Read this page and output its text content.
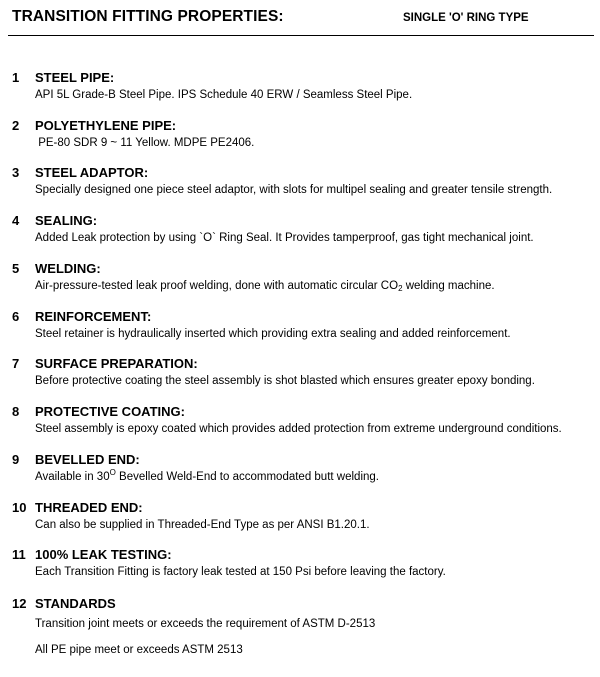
TRANSITION FITTING PROPERTIES:	SINGLE 'O' RING TYPE
1 STEEL PIPE:
API 5L Grade-B Steel Pipe. IPS Schedule 40 ERW / Seamless Steel Pipe.
2 POLYETHYLENE PIPE:
PE-80 SDR 9 ~ 11 Yellow. MDPE PE2406.
3 STEEL ADAPTOR:
Specially designed one piece steel adaptor, with slots for multipel sealing and greater tensile strength.
4 SEALING:
Added Leak protection by using `O` Ring Seal. It Provides tamperproof, gas tight mechanical joint.
5 WELDING:
Air-pressure-tested leak proof welding, done with automatic circular $CO_2$ welding machine.
6 REINFORCEMENT:
Steel retainer is hydraulically inserted which providing extra sealing and added reinforcement.
7 SURFACE PREPARATION:
Before protective coating the steel assembly is shot blasted which ensures greater epoxy bonding.
8 PROTECTIVE COATING:
Steel assembly is epoxy coated which provides added protection from extreme underground conditions.
9 BEVELLED END:
Available in $30^O$ Bevelled Weld-End to accommodated butt welding.
10 THREADED END:
Can also be supplied in Threaded-End Type as per ANSI B1.20.1.
11 100% LEAK TESTING:
Each Transition Fitting is factory leak tested at 150 Psi before leaving the factory.
12 STANDARDS
Transition joint meets or exceeds the requirement of ASTM D-2513
All PE pipe meet or exceeds ASTM 2513
